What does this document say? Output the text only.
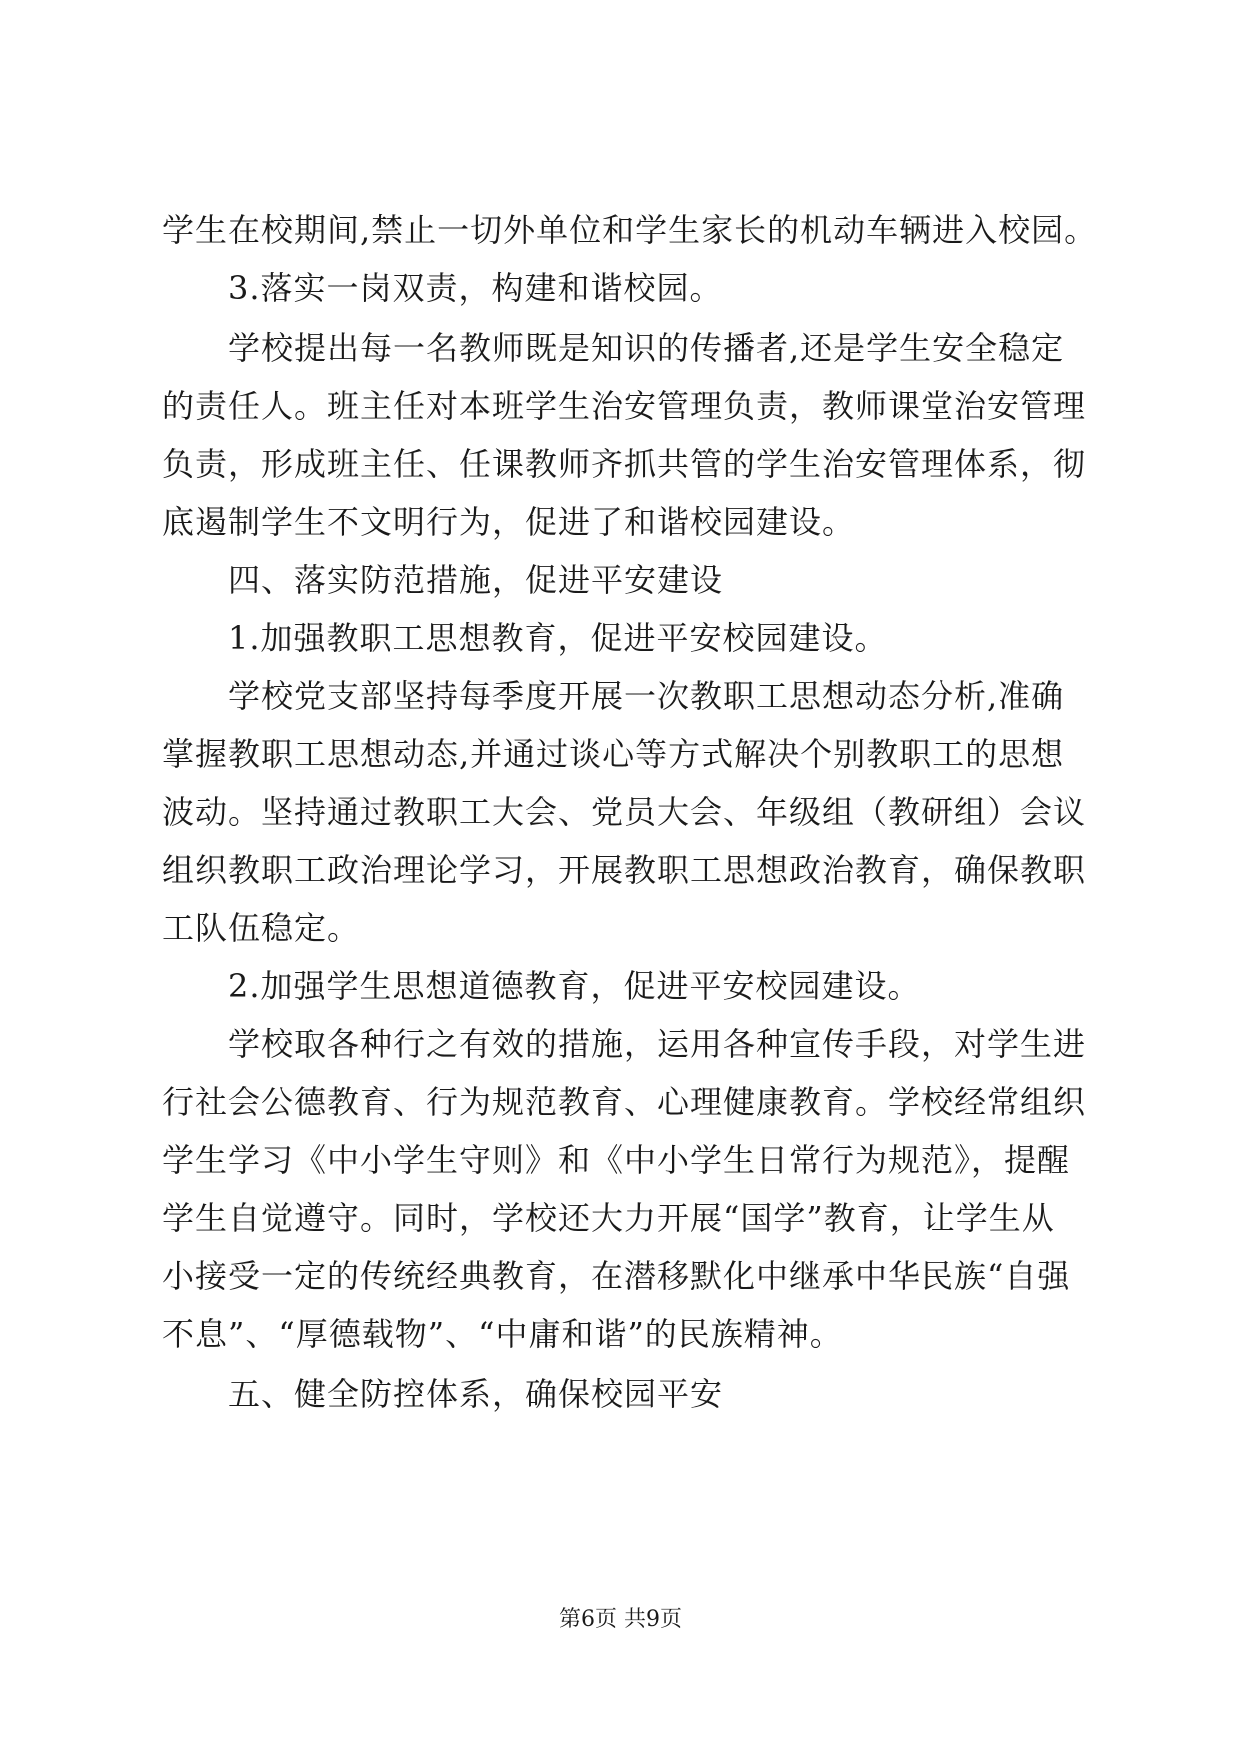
学生在校期间,禁止一切外单位和学生家长的机动车辆进入校园。
3.落实一岗双责，构建和谐校园。
学校提出每一名教师既是知识的传播者,还是学生安全稳定
的责任人。班主任对本班学生治安管理负责，教师课堂治安管理
负责，形成班主任、任课教师齐抓共管的学生治安管理体系，彻
底遏制学生不文明行为，促进了和谐校园建设。
四、落实防范措施，促进平安建设
1.加强教职工思想教育，促进平安校园建设。
学校党支部坚持每季度开展一次教职工思想动态分析,准确
掌握教职工思想动态,并通过谈心等方式解决个别教职工的思想
波动。坚持通过教职工大会、党员大会、年级组（教研组）会议
组织教职工政治理论学习，开展教职工思想政治教育，确保教职
工队伍稳定。
2.加强学生思想道德教育，促进平安校园建设。
学校取各种行之有效的措施，运用各种宣传手段，对学生进
行社会公德教育、行为规范教育、心理健康教育。学校经常组织
学生学习《中小学生守则》和《中小学生日常行为规范》，提醒
学生自觉遵守。同时，学校还大力开展“国学”教育，让学生从
小接受一定的传统经典教育，在潜移默化中继承中华民族“自强
不息”、“厚德载物”、“中庸和谐”的民族精神。
五、健全防控体系，确保校园平安
第6页 共9页
